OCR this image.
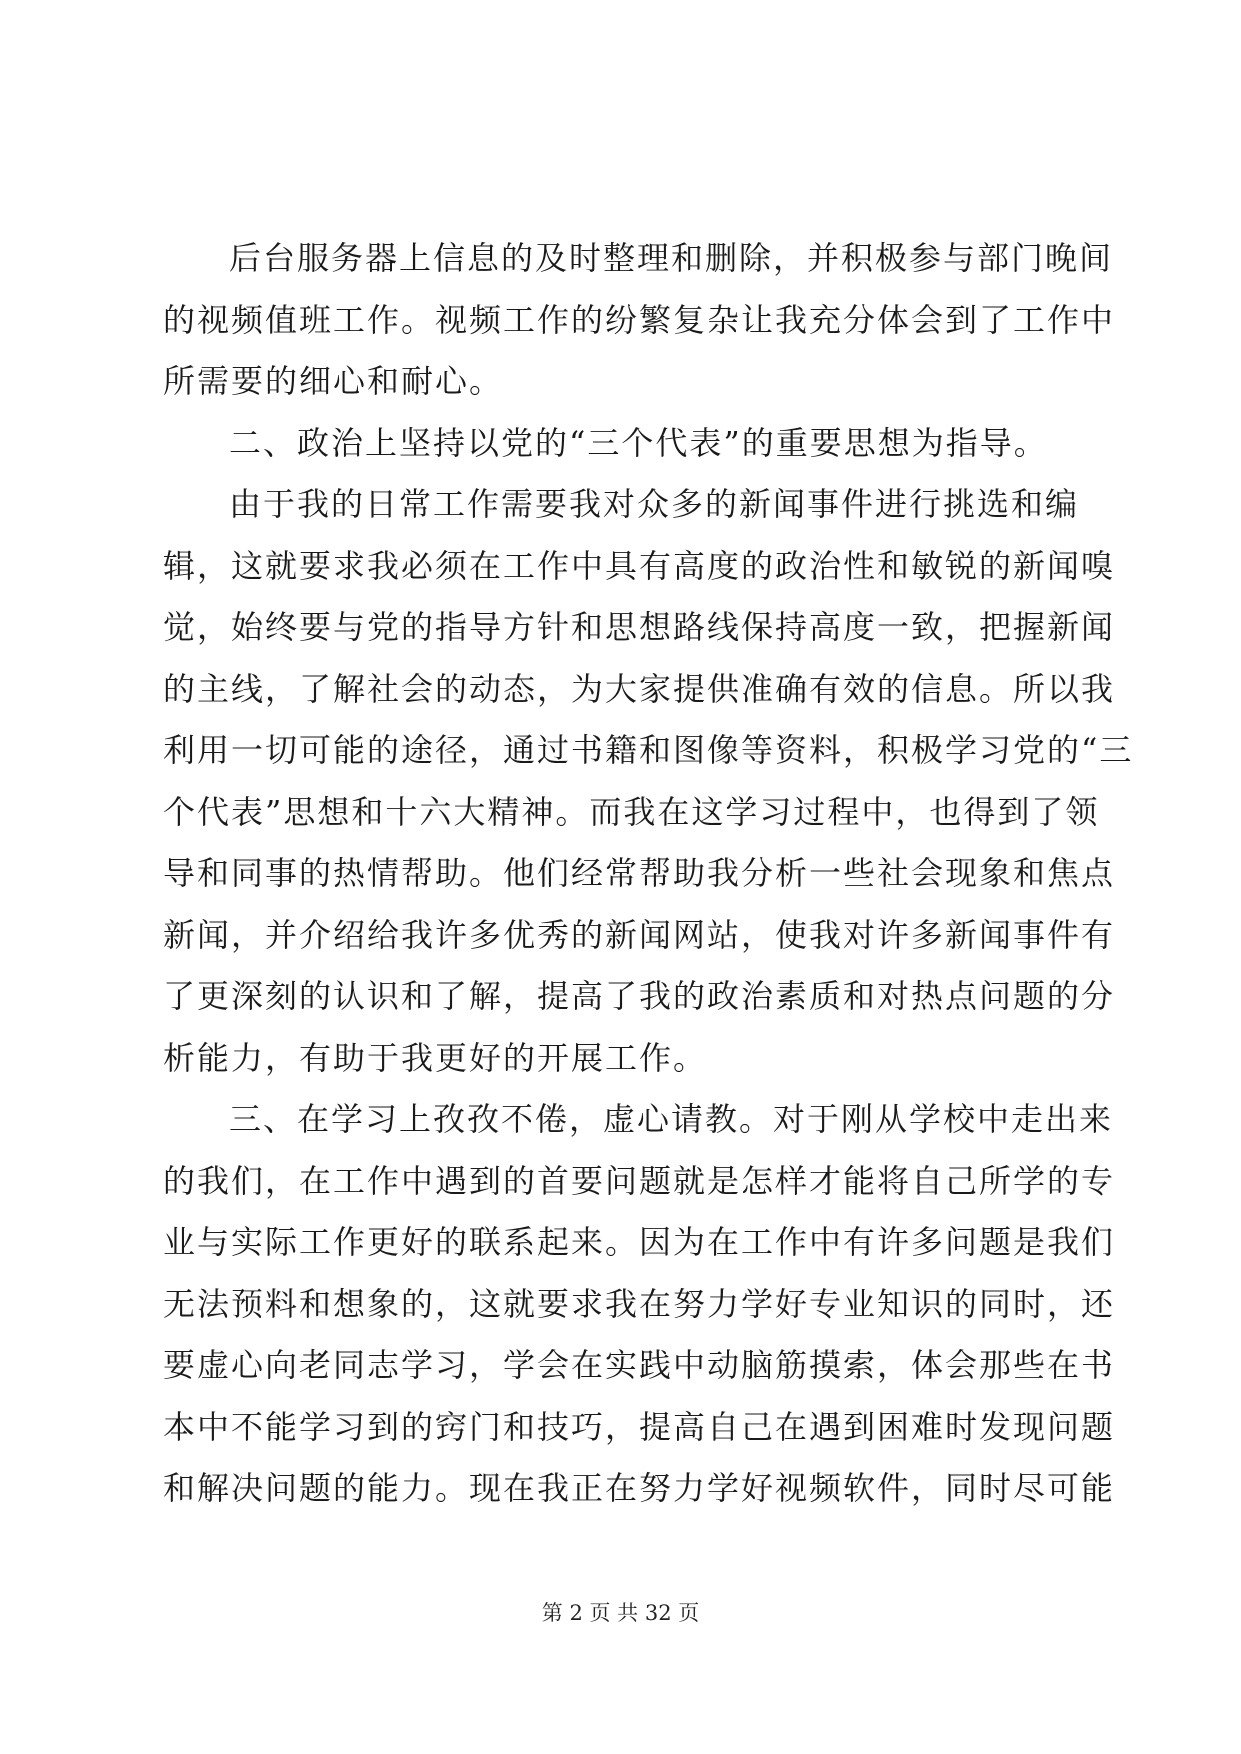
后台服务器上信息的及时整理和删除，并积极参与部门晚间
的视频值班工作。视频工作的纷繁复杂让我充分体会到了工作中
所需要的细心和耐心。
二、政治上坚持以党的“三个代表”的重要思想为指导。
由于我的日常工作需要我对众多的新闻事件进行挑选和编
辑，这就要求我必须在工作中具有高度的政治性和敏锐的新闻嗅
觉，始终要与党的指导方针和思想路线保持高度一致，把握新闻
的主线，了解社会的动态，为大家提供准确有效的信息。所以我
利用一切可能的途径，通过书籍和图像等资料，积极学习党的“三
个代表”思想和十六大精神。而我在这学习过程中，也得到了领
导和同事的热情帮助。他们经常帮助我分析一些社会现象和焦点
新闻，并介绍给我许多优秀的新闻网站，使我对许多新闻事件有
了更深刻的认识和了解，提高了我的政治素质和对热点问题的分
析能力，有助于我更好的开展工作。
三、在学习上孜孜不倦，虚心请教。对于刚从学校中走出来
的我们，在工作中遇到的首要问题就是怎样才能将自己所学的专
业与实际工作更好的联系起来。因为在工作中有许多问题是我们
无法预料和想象的，这就要求我在努力学好专业知识的同时，还
要虚心向老同志学习，学会在实践中动脑筋摸索，体会那些在书
本中不能学习到的窍门和技巧，提高自己在遇到困难时发现问题
和解决问题的能力。现在我正在努力学好视频软件，同时尽可能
第 2 页 共 32 页
